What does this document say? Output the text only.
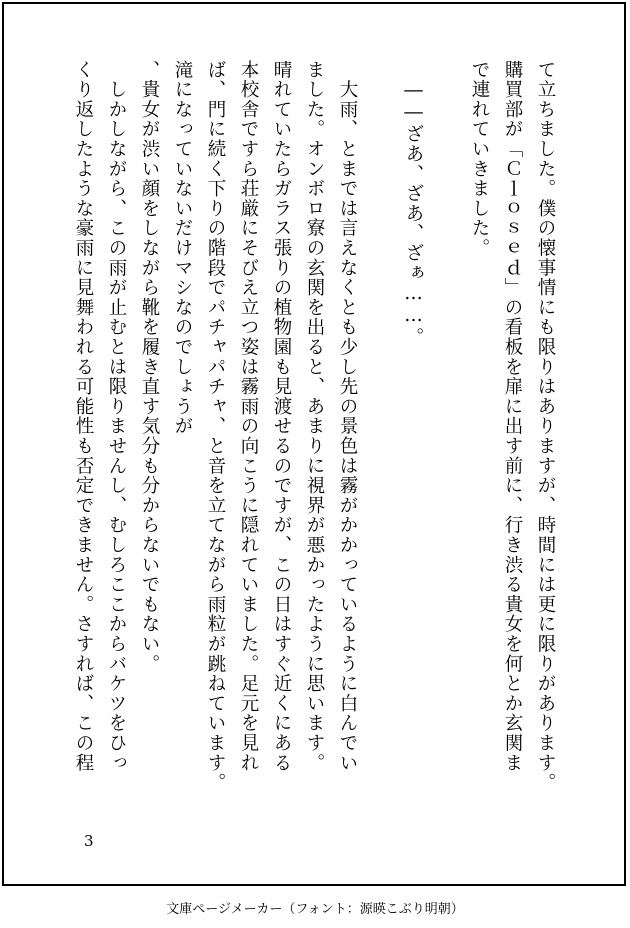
て立ちました。僕の懐事情にも限りはありますが、時間には更に限りがあります。
購買部が「Ｃｌｏｓｅｄ」の看板を扉に出す前に、行き渋る貴女を何とか玄関ま
で連れていきました。
　――ざあ、ざあ、ざぁ……。
　大雨、とまでは言えなくとも少し先の景色は霧がかかっているように白んでい
ました。オンボロ寮の玄関を出ると、あまりに視界が悪かったように思います。
晴れていたらガラス張りの植物園も見渡せるのですが、この日はすぐ近くにある
本校舎ですら荘厳にそびえ立つ姿は霧雨の向こうに隠れていました。足元を見れ
ば、門に続く下りの階段でパチャパチャ、と音を立てながら雨粒が跳ねています。
滝になっていないだけマシなのでしょうが
、貴女が渋い顔をしながら靴を履き直す気分も分からないでもない。
　しかしながら、この雨が止むとは限りませんし、むしろここからバケツをひっ
くり返したような豪雨に見舞われる可能性も否定できません。さすれば、この程
3
文庫ページメーカー（フォント：源暎こぶり明朝）
